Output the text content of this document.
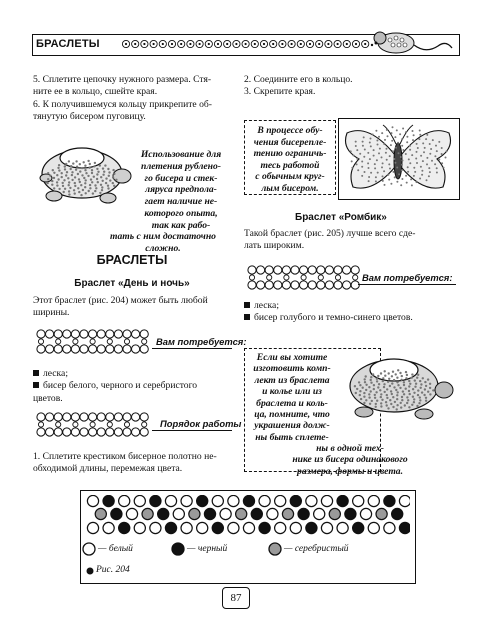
БРАСЛЕТЫ
5. Сплетите цепочку нужного размера. Стя-
ните ее в кольцо, сшейте края.
6. К получившемуся кольцу прикрепите об-
тянутую бисером пуговицу.
Использование для
плетения рублено-
го бисера и стек-
ляруса предпола-
гает наличие не-
которого опыта,
так как рабо-
тать с ним достаточно
сложно.
БРАСЛЕТЫ
Браслет «День и ночь»
Этот браслет (рис. 204) может быть любой
ширины.
Вам потребуется:
леска;
бисер белого, черного и серебристого
цветов.
Порядок работы
1. Сплетите крестиком бисерное полотно не-
обходимой длины, перемежая цвета.
2. Соедините его в кольцо.
3. Скрепите края.
В процессе обу-
чения бисерепле-
тению ограничь-
тесь работой
с обычным круг-
лым бисером.
Браслет «Ромбик»
Такой браслет (рис. 205) лучше всего сде-
лать широким.
Вам потребуется:
леска;
бисер голубого и темно-синего цветов.
Если вы хотите
изготовить комп-
лект из браслета
и колье или из
браслета и коль-
ца, помните, что
украшения долж-
ны быть сплете-
ны в одной тех-
нике из бисера одинакового
размера, формы и цвета.
— белый	— черный	— серебристый
Рис. 204
87
